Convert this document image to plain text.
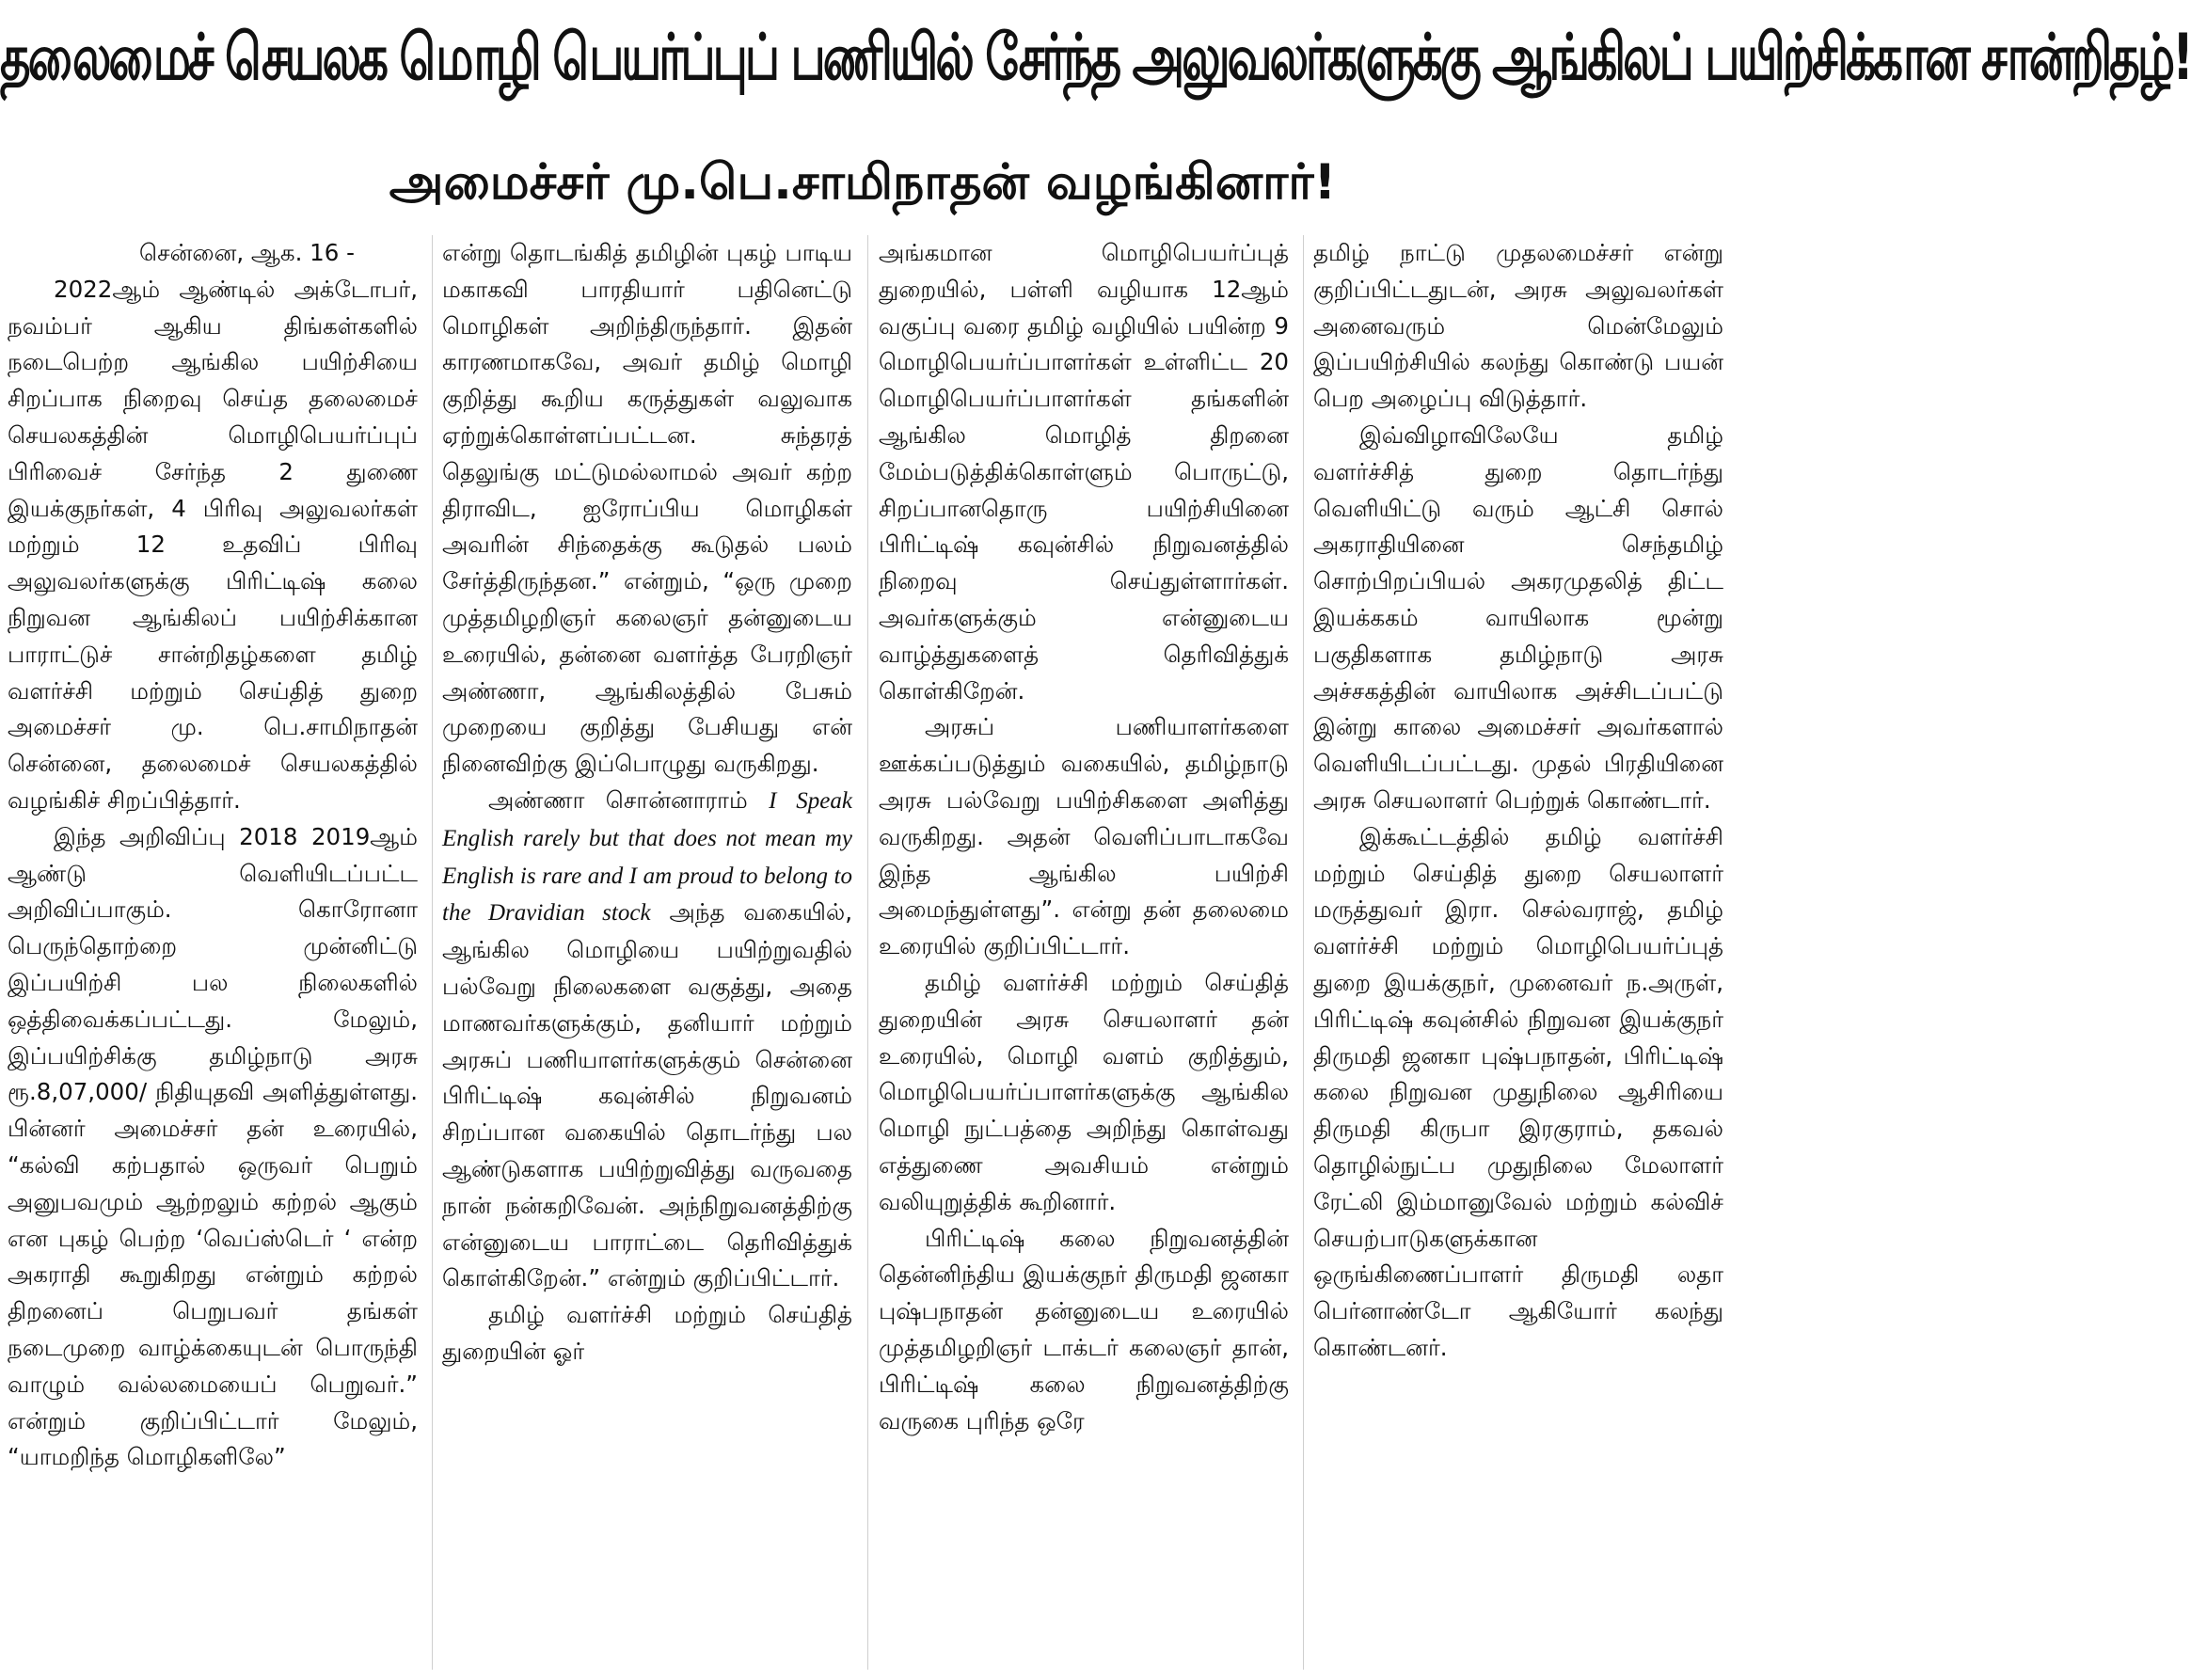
தலைமைச் செயலக மொழி பெயர்ப்புப் பணியில் சேர்ந்த அலுவலர்களுக்கு ஆங்கிலப் பயிற்சிக்கான சான்றிதழ்!
அமைச்சர் மு.பெ.சாமிநாதன் வழங்கினார்!

சென்னை, ஆக. 16 -

2022ஆம் ஆண்டில் அக்டோபர், நவம்பர் ஆகிய திங்கள்களில் நடைபெற்ற ஆங்கில பயிற்சியை சிறப்பாக நிறைவு செய்த தலைமைச் செயலகத்தின் மொழிபெயர்ப்புப் பிரிவைச் சேர்ந்த 2 துணை இயக்குநர்கள், 4 பிரிவு அலுவலர்கள் மற்றும் 12 உதவிப் பிரிவு அலுவலர்களுக்கு பிரிட்டிஷ் கலை நிறுவன ஆங்கிலப் பயிற்சிக்கான பாராட்டுச் சான்றிதழ்களை தமிழ் வளர்ச்சி மற்றும் செய்தித் துறை அமைச்சர் மு. பெ.சாமிநாதன் சென்னை, தலைமைச் செயலகத்தில் வழங்கிச் சிறப்பித்தார்.

இந்த அறிவிப்பு 2018 2019ஆம் ஆண்டு வெளியிடப்பட்ட அறிவிப்பாகும். கொரோனா பெருந்தொற்றை முன்னிட்டு இப்பயிற்சி பல நிலைகளில் ஒத்திவைக்கப்பட்டது. மேலும், இப்பயிற்சிக்கு தமிழ்நாடு அரசு ரூ.8,07,000/ நிதியுதவி அளித்துள்ளது. பின்னர் அமைச்சர் தன் உரையில், “கல்வி கற்பதால் ஒருவர் பெறும் அனுபவமும் ஆற்றலும் கற்றல் ஆகும் என புகழ் பெற்ற ‘வெப்ஸ்டெர் ‘ என்ற அகராதி கூறுகிறது என்றும் கற்றல் திறனைப் பெறுபவர் தங்கள் நடைமுறை வாழ்க்கையுடன் பொருந்தி வாழும் வல்லமையைப் பெறுவர்.” என்றும் குறிப்பிட்டார் மேலும், “யாமறிந்த மொழிகளிலே”

என்று தொடங்கித் தமிழின் புகழ் பாடிய மகாகவி பாரதியார் பதினெட்டு மொழிகள் அறிந்திருந்தார். இதன் காரணமாகவே, அவர் தமிழ் மொழி குறித்து கூறிய கருத்துகள் வலுவாக ஏற்றுக்கொள்ளப்பட்டன. சுந்தரத் தெலுங்கு மட்டுமல்லாமல் அவர் கற்ற திராவிட, ஐரோப்பிய மொழிகள் அவரின் சிந்தைக்கு கூடுதல் பலம் சேர்த்திருந்தன.” என்றும், “ஒரு முறை முத்தமிழறிஞர் கலைஞர் தன்னுடைய உரையில், தன்னை வளர்த்த பேரறிஞர் அண்ணா, ஆங்கிலத்தில் பேசும் முறையை குறித்து பேசியது என் நினைவிற்கு இப்பொழுது வருகிறது.

அண்ணா சொன்னாராம் I Speak English rarely but that does not mean my English is rare and I am proud to belong to the Dravidian stock அந்த வகையில், ஆங்கில மொழியை பயிற்றுவதில் பல்வேறு நிலைகளை வகுத்து, அதை மாணவர்களுக்கும், தனியார் மற்றும் அரசுப் பணியாளர்களுக்கும் சென்னை பிரிட்டிஷ் கவுன்சில் நிறுவனம் சிறப்பான வகையில் தொடர்ந்து பல ஆண்டுகளாக பயிற்றுவித்து வருவதை நான் நன்கறிவேன். அந்நிறுவனத்திற்கு என்னுடைய பாராட்டை தெரிவித்துக் கொள்கிறேன்.” என்றும் குறிப்பிட்டார்.

தமிழ் வளர்ச்சி மற்றும் செய்தித் துறையின் ஓர்

அங்கமான மொழிபெயர்ப்புத் துறையில், பள்ளி வழியாக 12ஆம் வகுப்பு வரை தமிழ் வழியில் பயின்ற 9 மொழிபெயர்ப்பாளர்கள் உள்ளிட்ட 20 மொழிபெயர்ப்பாளர்கள் தங்களின் ஆங்கில மொழித் திறனை மேம்படுத்திக்கொள்ளும் பொருட்டு, சிறப்பானதொரு பயிற்சியினை பிரிட்டிஷ் கவுன்சில் நிறுவனத்தில் நிறைவு செய்துள்ளார்கள். அவர்களுக்கும் என்னுடைய வாழ்த்துகளைத் தெரிவித்துக் கொள்கிறேன்.

அரசுப் பணியாளர்களை ஊக்கப்படுத்தும் வகையில், தமிழ்நாடு அரசு பல்வேறு பயிற்சிகளை அளித்து வருகிறது. அதன் வெளிப்பாடாகவே இந்த ஆங்கில பயிற்சி அமைந்துள்ளது”. என்று தன் தலைமை உரையில் குறிப்பிட்டார்.

தமிழ் வளர்ச்சி மற்றும் செய்தித் துறையின் அரசு செயலாளர் தன் உரையில், மொழி வளம் குறித்தும், மொழிபெயர்ப்பாளர்களுக்கு ஆங்கில மொழி நுட்பத்தை அறிந்து கொள்வது எத்துணை அவசியம் என்றும் வலியுறுத்திக் கூறினார்.

பிரிட்டிஷ் கலை நிறுவனத்தின் தென்னிந்திய இயக்குநர் திருமதி ஜனகா புஷ்பநாதன் தன்னுடைய உரையில் முத்தமிழறிஞர் டாக்டர் கலைஞர் தான், பிரிட்டிஷ் கலை நிறுவனத்திற்கு வருகை புரிந்த ஒரே

தமிழ் நாட்டு முதலமைச்சர் என்று குறிப்பிட்டதுடன், அரசு அலுவலர்கள் அனைவரும் மென்மேலும் இப்பயிற்சியில் கலந்து கொண்டு பயன் பெற அழைப்பு விடுத்தார்.

இவ்விழாவிலேயே தமிழ் வளர்ச்சித் துறை தொடர்ந்து வெளியிட்டு வரும் ஆட்சி சொல் அகராதியினை செந்தமிழ் சொற்பிறப்பியல் அகரமுதலித் திட்ட இயக்ககம் வாயிலாக மூன்று பகுதிகளாக தமிழ்நாடு அரசு அச்சகத்தின் வாயிலாக அச்சிடப்பட்டு இன்று காலை அமைச்சர் அவர்களால் வெளியிடப்பட்டது. முதல் பிரதியினை அரசு செயலாளர் பெற்றுக் கொண்டார்.

இக்கூட்டத்தில் தமிழ் வளர்ச்சி மற்றும் செய்தித் துறை செயலாளர் மருத்துவர் இரா. செல்வராஜ், தமிழ் வளர்ச்சி மற்றும் மொழிபெயர்ப்புத் துறை இயக்குநர், முனைவர் ந.அருள், பிரிட்டிஷ் கவுன்சில் நிறுவன இயக்குநர் திருமதி ஜனகா புஷ்பநாதன், பிரிட்டிஷ் கலை நிறுவன முதுநிலை ஆசிரியை திருமதி கிருபா இரகுராம், தகவல் தொழில்நுட்ப முதுநிலை மேலாளர் ரேட்லி இம்மானுவேல் மற்றும் கல்விச் செயற்பாடுகளுக்கான ஒருங்கிணைப்பாளர் திருமதி லதா பெர்னாண்டோ ஆகியோர் கலந்து கொண்டனர்.
